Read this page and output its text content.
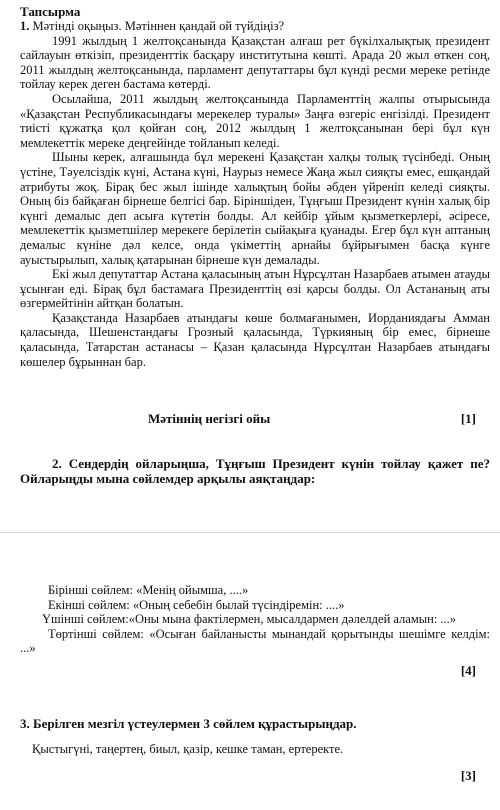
Тапсырма

1. Мәтінді оқыңыз. Мәтіннен қандай ой түйдіңіз?

1991 жылдың 1 желтоқсанында Қазақстан алғаш рет бүкілхалықтық президент сайлауын өткізіп, президенттік басқару институтына көшті. Арада 20 жыл өткен соң, 2011 жылдың желтоқсанында, парламент депутаттары бұл күнді ресми мереке ретінде тойлау керек деген бастама көтерді.

Осылайша, 2011 жылдың желтоқсанында Парламенттің жалпы отырысында «Қазақстан Республикасындағы мерекелер туралы» Заңға өзгеріс енгізілді. Президент тиісті құжатқа қол қойған соң, 2012 жылдың 1 желтоқсанынан бері бұл күн мемлекеттік мереке деңгейінде тойланып келеді.

Шыны керек, алғашында бұл мерекені Қазақстан халқы толық түсінбеді. Оның үстіне, Тәуелсіздік күні, Астана күні, Наурыз немесе Жаңа жыл сияқты емес, ешқандай атрибуты жоқ. Бірақ бес жыл ішінде халықтың бойы әбден үйреніп келеді сияқты. Оның біз байқаған бірнеше белгісі бар. Біріншіден, Тұңғыш Президент күнін халық бір күнгі демалыс деп асыға күтетін болды. Ал кейбір ұйым қызметкерлері, әсіресе, мемлекеттік қызметшілер мерекеге берілетін сыйақыға қуанады. Егер бұл күн аптаның демалыс күніне дәл келсе, онда үкіметтің арнайы бұйрығымен басқа күнге ауыстырылып, халық қатарынан бірнеше күн демалады.

Екі жыл депутаттар Астана қаласының атын Нұрсұлтан Назарбаев атымен атауды ұсынған еді. Бірақ бұл бастамаға Президенттің өзі қарсы болды. Ол Астананың аты өзгермейтінін айтқан болатын.

Қазақстанда Назарбаев атындағы көше болмағанымен, Иорданиядағы Амман қаласында, Шешенстандағы Грозный қаласында, Түркияның бір емес, бірнеше қаласында, Татарстан астанасы – Қазан қаласында Нұрсұлтан Назарбаев атындағы көшелер бұрыннан бар.

Мәтіннің негізгі ойы	[1]
2. Сендердің ойларыңша, Тұңғыш Президент күнін тойлау қажет пе? Ойларыңды мына сөйлемдер арқылы аяқтаңдар:

Бірінші сөйлем: «Менің ойымша, ....»

Екінші сөйлем: «Оның себебін былай түсіндіремін: ....»

Үшінші сөйлем:«Оны мына фактілермен, мысалдармен дәлелдей аламын: ...»

Төртінші сөйлем: «Осыған байланысты мынандай қорытынды шешімге келдім: ...»

[4]
3. Берілген мезгіл үстеулермен 3 сөйлем құрастырыңдар.
Қыстыгүні, таңертең, биыл, қазір, кешке таман, ертеректе.
[3]
